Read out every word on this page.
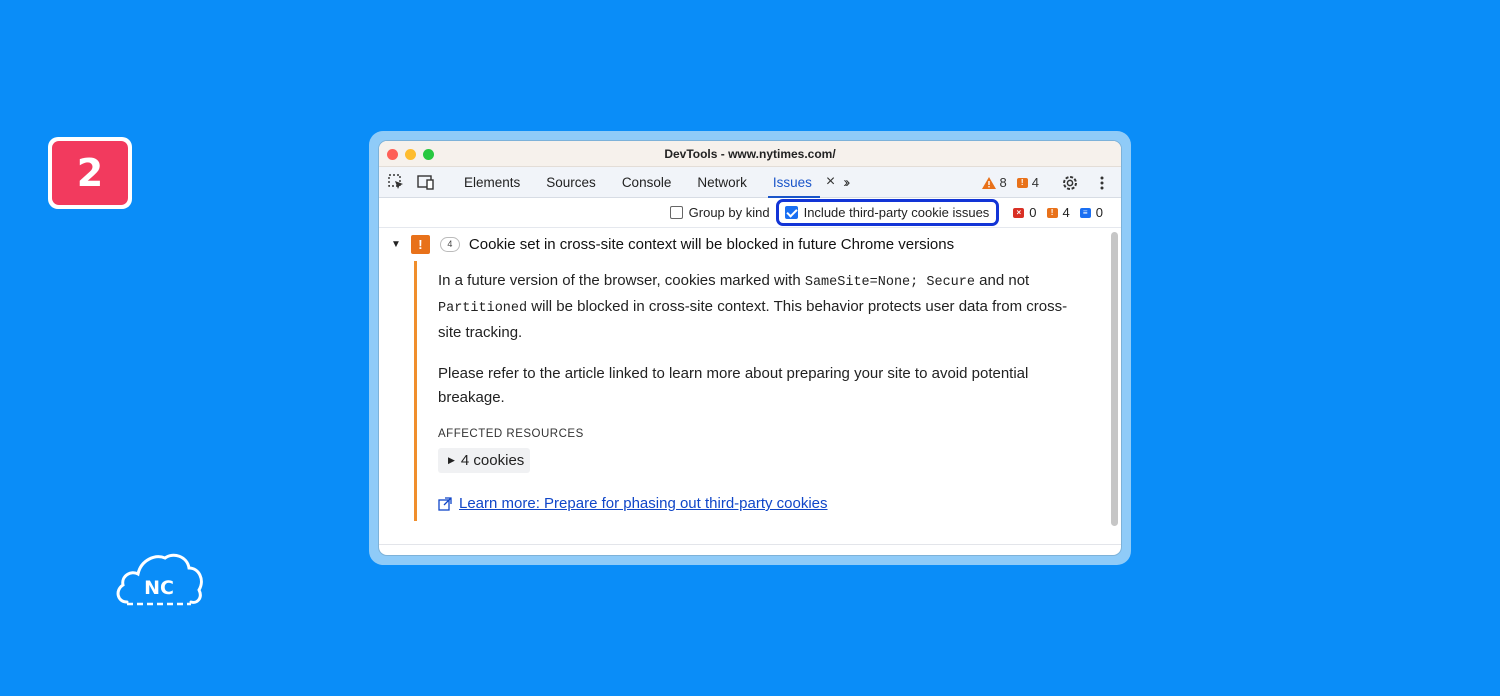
2
NC
DevTools - www.nytimes.com/
Elements	Sources	Console	Network	Issues × ››	8	! 4
Group by kind	Include third-party cookie issues	× 0	! 4	≡ 0
▼	!	4	Cookie set in cross-site context will be blocked in future Chrome versions

In a future version of the browser, cookies marked with SameSite=None; Secure and not Partitioned will be blocked in cross-site context. This behavior protects user data from cross-site tracking.

Please refer to the article linked to learn more about preparing your site to avoid potential breakage.

AFFECTED RESOURCES
▶ 4 cookies
Learn more: Prepare for phasing out third-party cookies
